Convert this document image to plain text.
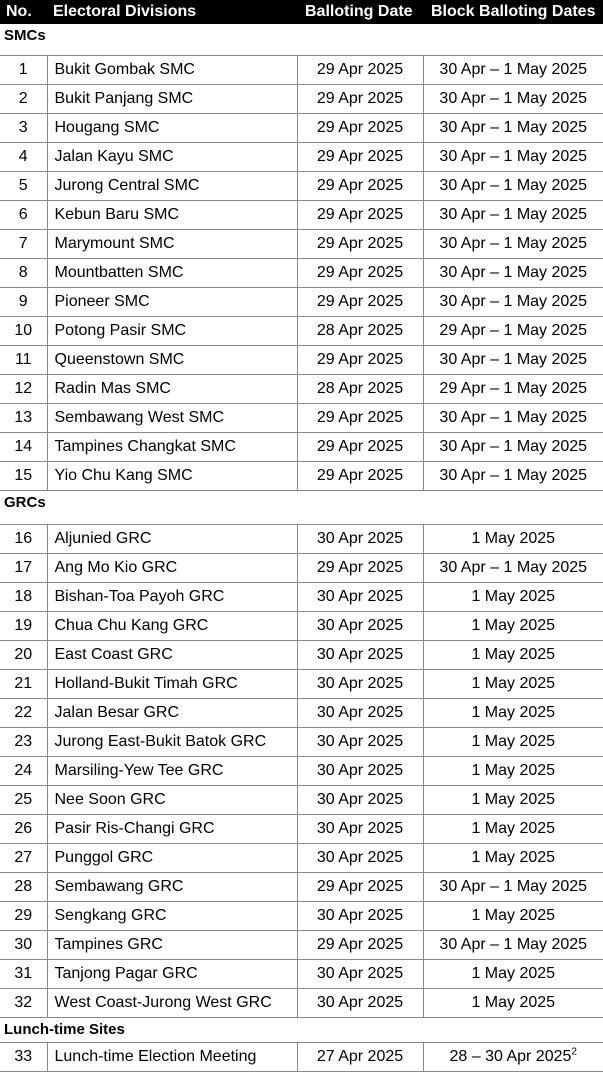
No.	Electoral Divisions	Balloting Date	Block Balloting Dates
SMCs			
1	Bukit Gombak SMC	29 Apr 2025	30 Apr – 1 May 2025
2	Bukit Panjang SMC	29 Apr 2025	30 Apr – 1 May 2025
3	Hougang SMC	29 Apr 2025	30 Apr – 1 May 2025
4	Jalan Kayu SMC	29 Apr 2025	30 Apr – 1 May 2025
5	Jurong Central SMC	29 Apr 2025	30 Apr – 1 May 2025
6	Kebun Baru SMC	29 Apr 2025	30 Apr – 1 May 2025
7	Marymount SMC	29 Apr 2025	30 Apr – 1 May 2025
8	Mountbatten SMC	29 Apr 2025	30 Apr – 1 May 2025
9	Pioneer SMC	29 Apr 2025	30 Apr – 1 May 2025
10	Potong Pasir SMC	28 Apr 2025	29 Apr – 1 May 2025
11	Queenstown SMC	29 Apr 2025	30 Apr – 1 May 2025
12	Radin Mas SMC	28 Apr 2025	29 Apr – 1 May 2025
13	Sembawang West SMC	29 Apr 2025	30 Apr – 1 May 2025
14	Tampines Changkat SMC	29 Apr 2025	30 Apr – 1 May 2025
15	Yio Chu Kang SMC	29 Apr 2025	30 Apr – 1 May 2025
GRCs			
16	Aljunied GRC	30 Apr 2025	1 May 2025
17	Ang Mo Kio GRC	29 Apr 2025	30 Apr – 1 May 2025
18	Bishan-Toa Payoh GRC	30 Apr 2025	1 May 2025
19	Chua Chu Kang GRC	30 Apr 2025	1 May 2025
20	East Coast GRC	30 Apr 2025	1 May 2025
21	Holland-Bukit Timah GRC	30 Apr 2025	1 May 2025
22	Jalan Besar GRC	30 Apr 2025	1 May 2025
23	Jurong East-Bukit Batok GRC	30 Apr 2025	1 May 2025
24	Marsiling-Yew Tee GRC	30 Apr 2025	1 May 2025
25	Nee Soon GRC	30 Apr 2025	1 May 2025
26	Pasir Ris-Changi GRC	30 Apr 2025	1 May 2025
27	Punggol GRC	30 Apr 2025	1 May 2025
28	Sembawang GRC	29 Apr 2025	30 Apr – 1 May 2025
29	Sengkang GRC	30 Apr 2025	1 May 2025
30	Tampines GRC	29 Apr 2025	30 Apr – 1 May 2025
31	Tanjong Pagar GRC	30 Apr 2025	1 May 2025
32	West Coast-Jurong West GRC	30 Apr 2025	1 May 2025
Lunch-time Sites			
33	Lunch-time Election Meeting	27 Apr 2025	28 – 30 Apr 2025$^2$
